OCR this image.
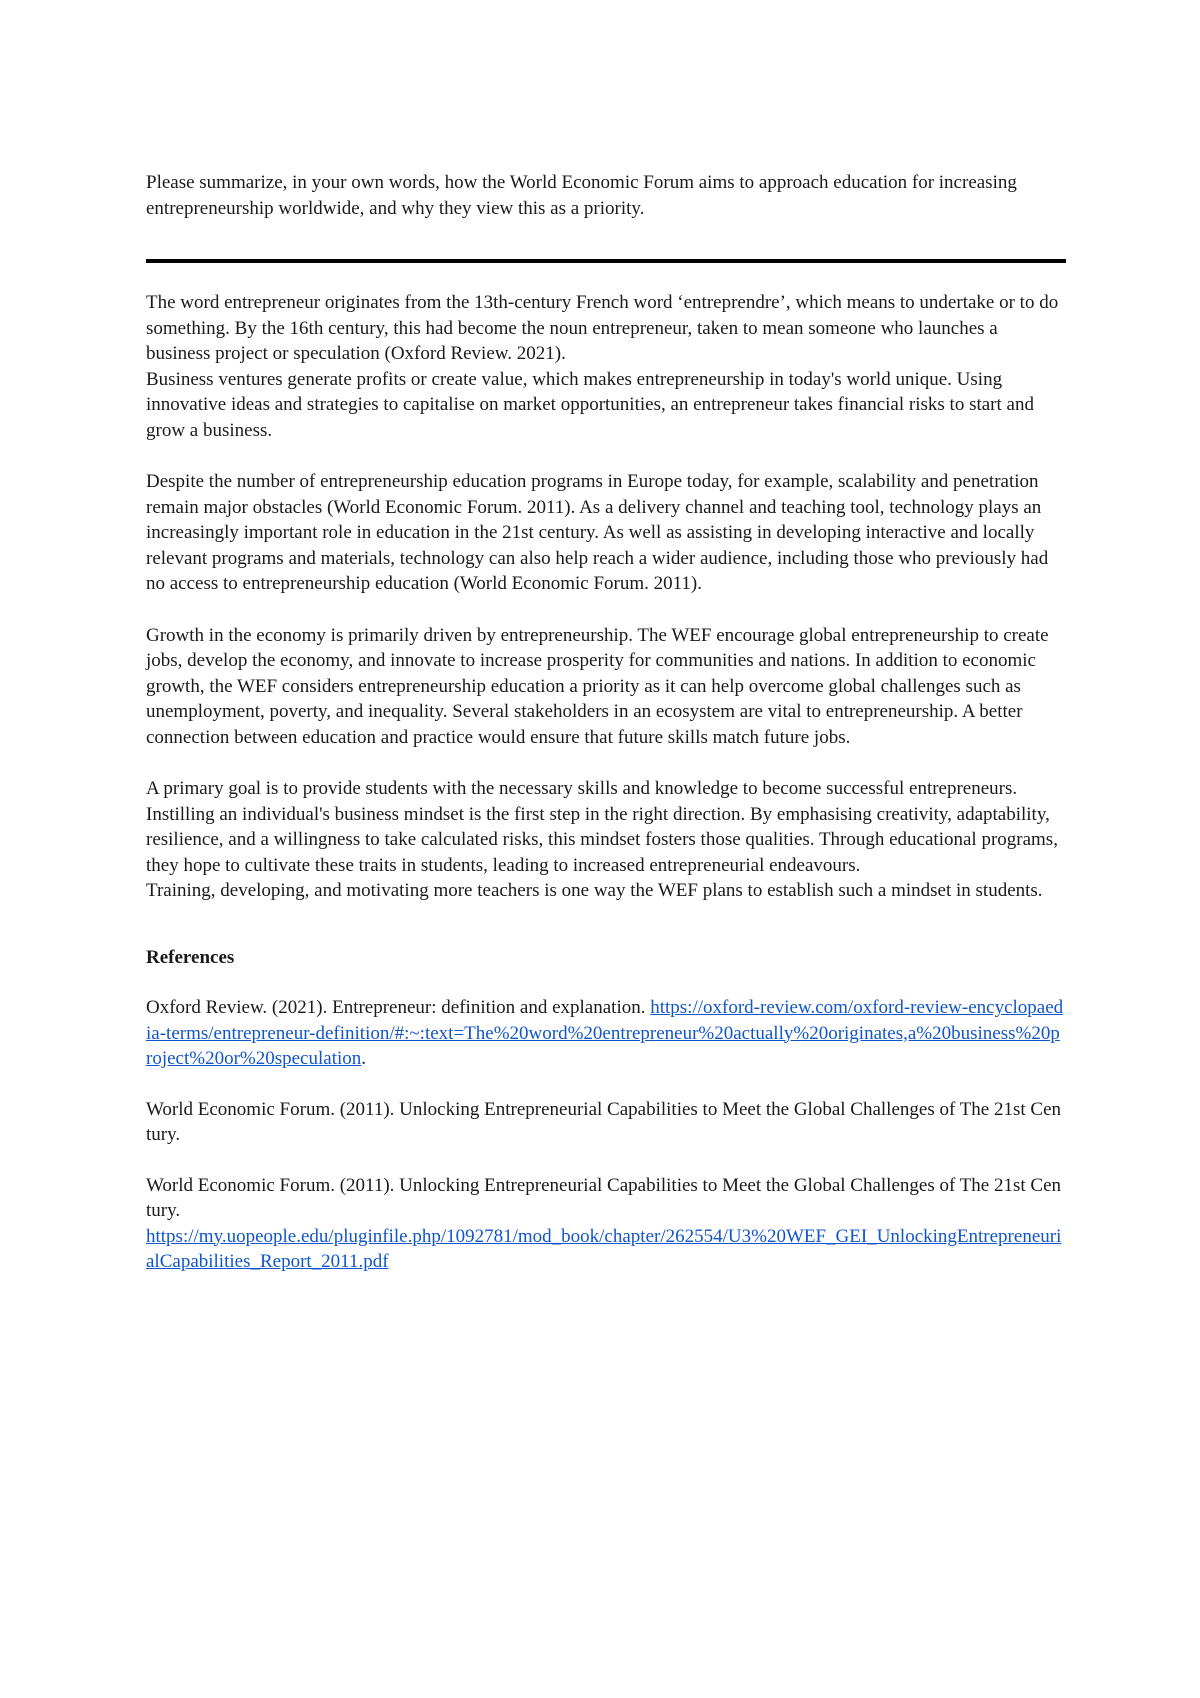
Please summarize, in your own words, how the World Economic Forum aims to approach education for increasing entrepreneurship worldwide, and why they view this as a priority.

The word entrepreneur originates from the 13th-century French word ‘entreprendre’, which means to undertake or to do something. By the 16th century, this had become the noun entrepreneur, taken to mean someone who launches a business project or speculation (Oxford Review. 2021).
Business ventures generate profits or create value, which makes entrepreneurship in today's world unique. Using innovative ideas and strategies to capitalise on market opportunities, an entrepreneur takes financial risks to start and grow a business.

Despite the number of entrepreneurship education programs in Europe today, for example, scalability and penetration remain major obstacles (World Economic Forum. 2011). As a delivery channel and teaching tool, technology plays an increasingly important role in education in the 21st century. As well as assisting in developing interactive and locally relevant programs and materials, technology can also help reach a wider audience, including those who previously had no access to entrepreneurship education (World Economic Forum. 2011).

Growth in the economy is primarily driven by entrepreneurship. The WEF encourage global entrepreneurship to create jobs, develop the economy, and innovate to increase prosperity for communities and nations. In addition to economic growth, the WEF considers entrepreneurship education a priority as it can help overcome global challenges such as unemployment, poverty, and inequality. Several stakeholders in an ecosystem are vital to entrepreneurship. A better connection between education and practice would ensure that future skills match future jobs.

A primary goal is to provide students with the necessary skills and knowledge to become successful entrepreneurs. Instilling an individual's business mindset is the first step in the right direction. By emphasising creativity, adaptability, resilience, and a willingness to take calculated risks, this mindset fosters those qualities. Through educational programs, they hope to cultivate these traits in students, leading to increased entrepreneurial endeavours.
Training, developing, and motivating more teachers is one way the WEF plans to establish such a mindset in students.

References

Oxford Review. (2021). Entrepreneur: definition and explanation. https://oxford-review.com/oxford-review-encyclopaedia-terms/entrepreneur-definition/#:~:text=The%20word%20entrepreneur%20actually%20originates,a%20business%20project%20or%20speculation.

World Economic Forum. (2011). Unlocking Entrepreneurial Capabilities to Meet the Global Challenges of The 21st Century.

World Economic Forum. (2011). Unlocking Entrepreneurial Capabilities to Meet the Global Challenges of The 21st Century.
https://my.uopeople.edu/pluginfile.php/1092781/mod_book/chapter/262554/U3%20WEF_GEI_UnlockingEntrepreneurialCapabilities_Report_2011.pdf
